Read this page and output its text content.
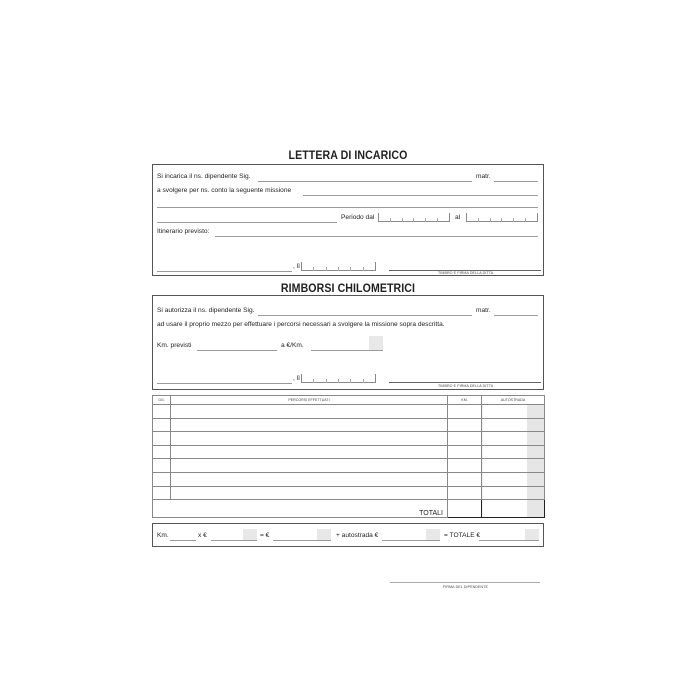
LETTERA DI INCARICO
Si incarica il ns. dipendente Sig.	matr.
a svolgere per ns. conto la seguente missione
Periodo dal	al
Itinerario previsto:
, lì
TIMBRO E FIRMA DELLA DITTA
RIMBORSI CHILOMETRICI
Si autorizza il ns. dipendente Sig.	matr.
ad usare il proprio mezzo per effettuare i percorsi necessari a svolgere la missione sopra descritta.
Km. previsti	a €/Km.
, lì
TIMBRO E FIRMA DELLA DITTA
GG.	PERCORSI EFFETTUATI	KM.	AUTOSTRADA

TOTALI			
Km.	x €	= €	+ autostrada €	= TOTALE €
FIRMA DEL DIPENDENTE
